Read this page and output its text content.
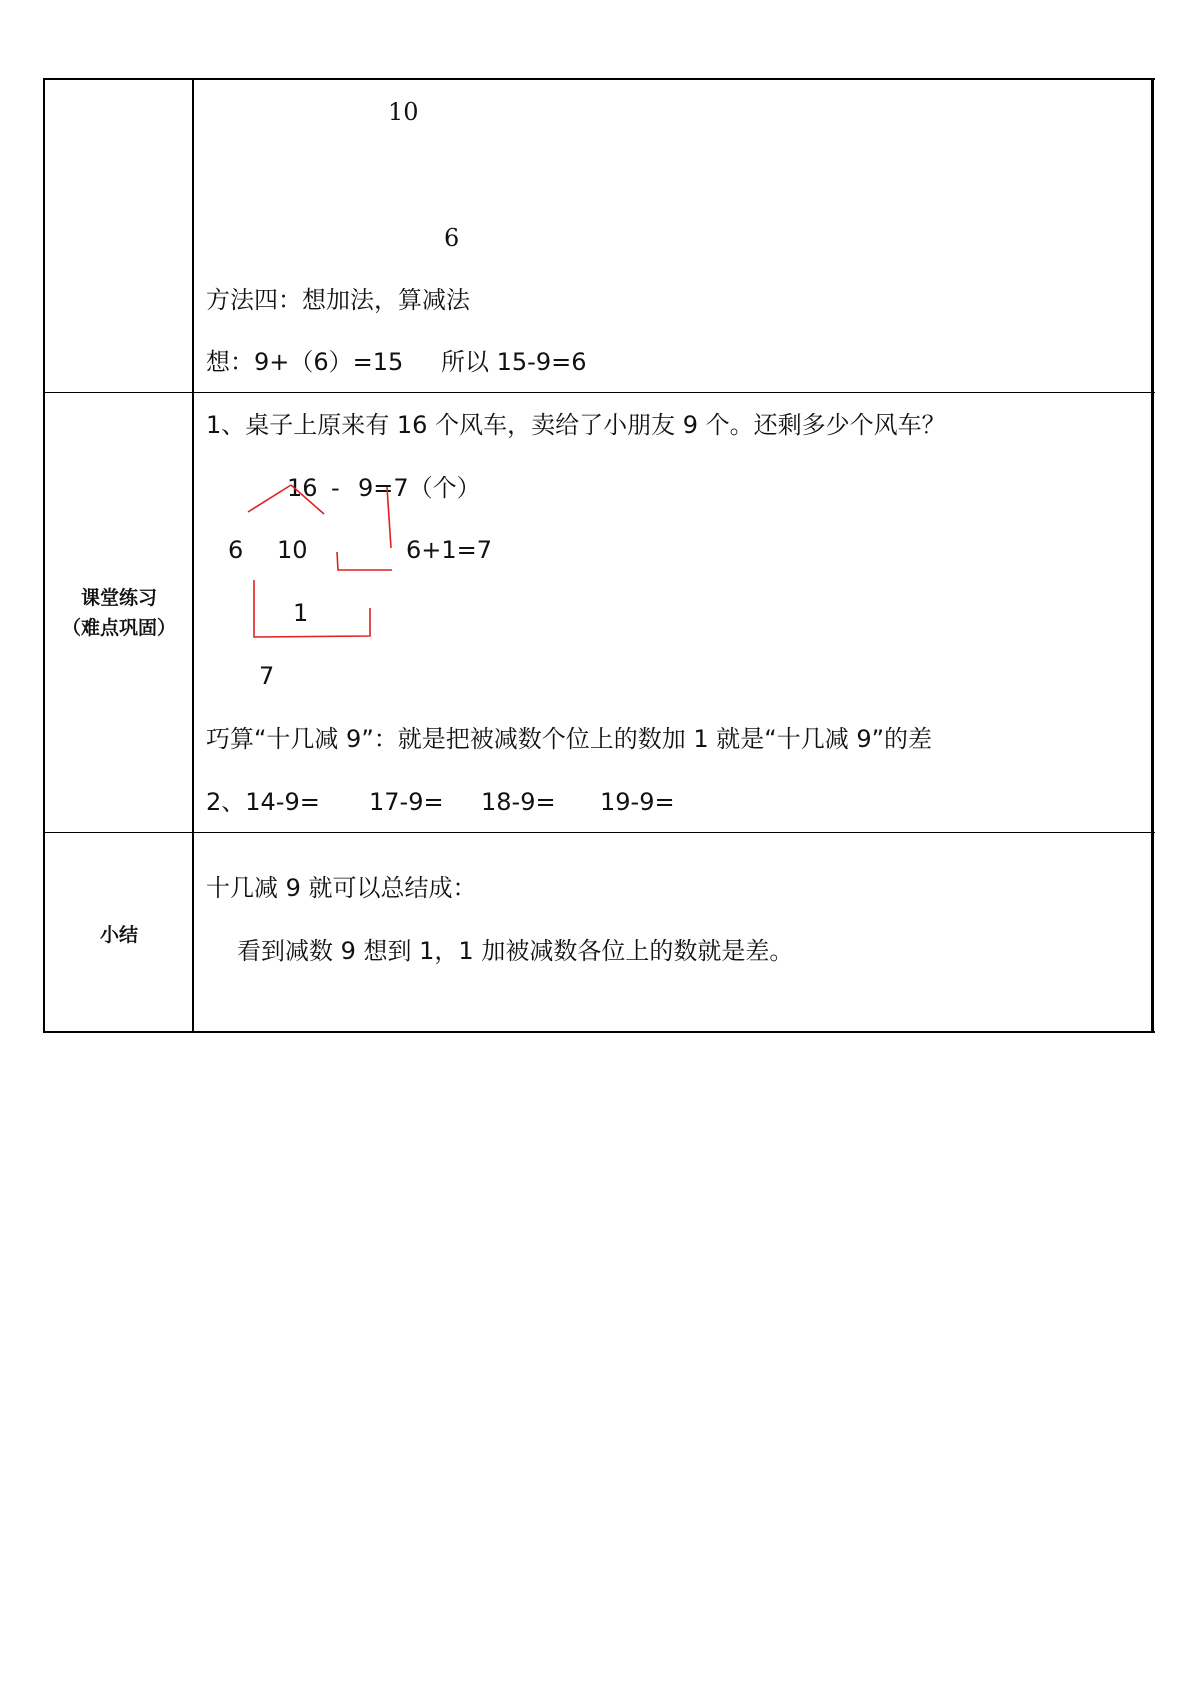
10
6
方法四：想加法，算减法
想：9+（6）=15 所以 15-9=6
课堂练习
（难点巩固）
1、桌子上原来有 16 个风车，卖给了小朋友 9 个。还剩多少个风车？
16 - 9=7（个）
6 10	6+1=7
1
7
巧算“十几减 9”：就是把被减数个位上的数加 1 就是“十几减 9”的差
2、14-9= 17-9= 18-9= 19-9=
小结
十几减 9 就可以总结成：
看到减数 9 想到 1，1 加被减数各位上的数就是差。
